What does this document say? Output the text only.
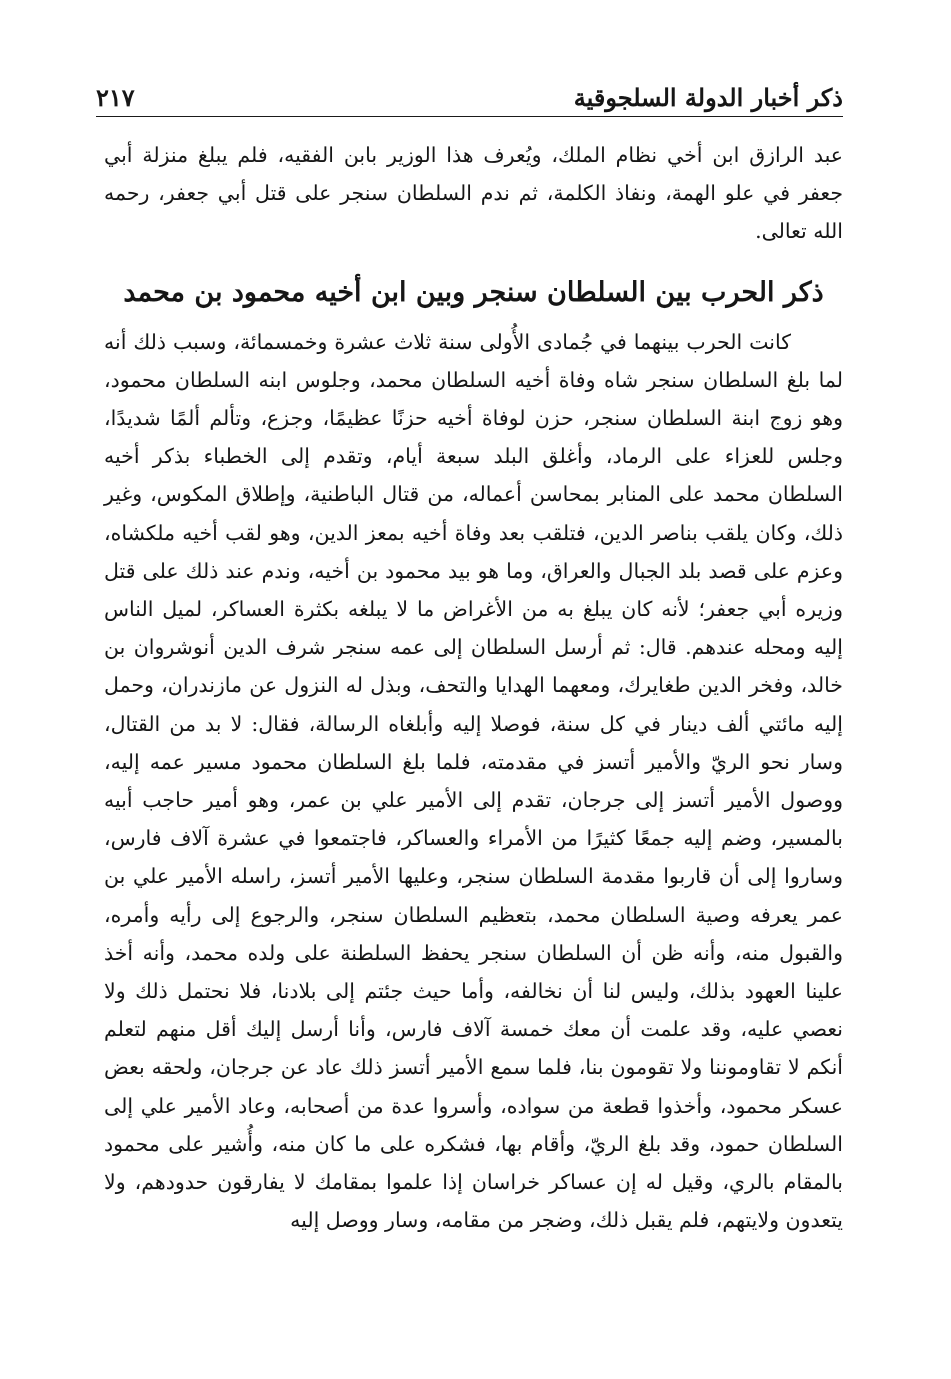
ذكر أخبار الدولة السلجوقية
٢١٧

عبد الرازق ابن أخي نظام الملك، ويُعرف هذا الوزير بابن الفقيه، فلم يبلغ منزلة أبي جعفر في علو الهمة، ونفاذ الكلمة، ثم ندم السلطان سنجر على قتل أبي جعفر، رحمه الله تعالى.

ذكر الحرب بين السلطان سنجر وبين ابن أخيه محمود بن محمد

كانت الحرب بينهما في جُمادى الأُولى سنة ثلاث عشرة وخمسمائة، وسبب ذلك أنه لما بلغ السلطان سنجر شاه وفاة أخيه السلطان محمد، وجلوس ابنه السلطان محمود، وهو زوج ابنة السلطان سنجر، حزن لوفاة أخيه حزنًا عظيمًا، وجزع، وتألم ألمًا شديدًا، وجلس للعزاء على الرماد، وأغلق البلد سبعة أيام، وتقدم إلى الخطباء بذكر أخيه السلطان محمد على المنابر بمحاسن أعماله، من قتال الباطنية، وإطلاق المكوس، وغير ذلك، وكان يلقب بناصر الدين، فتلقب بعد وفاة أخيه بمعز الدين، وهو لقب أخيه ملكشاه، وعزم على قصد بلد الجبال والعراق، وما هو بيد محمود بن أخيه، وندم عند ذلك على قتل وزيره أبي جعفر؛ لأنه كان يبلغ به من الأغراض ما لا يبلغه بكثرة العساكر، لميل الناس إليه ومحله عندهم. قال: ثم أرسل السلطان إلى عمه سنجر شرف الدين أنوشروان بن خالد، وفخر الدين طغايرك، ومعهما الهدايا والتحف، وبذل له النزول عن مازندران، وحمل إليه مائتي ألف دينار في كل سنة، فوصلا إليه وأبلغاه الرسالة، فقال: لا بد من القتال، وسار نحو الريّ والأمير أتسز في مقدمته، فلما بلغ السلطان محمود مسير عمه إليه، ووصول الأمير أتسز إلى جرجان، تقدم إلى الأمير علي بن عمر، وهو أمير حاجب أبيه بالمسير، وضم إليه جمعًا كثيرًا من الأمراء والعساكر، فاجتمعوا في عشرة آلاف فارس، وساروا إلى أن قاربوا مقدمة السلطان سنجر، وعليها الأمير أتسز، راسله الأمير علي بن عمر يعرفه وصية السلطان محمد، بتعظيم السلطان سنجر، والرجوع إلى رأيه وأمره، والقبول منه، وأنه ظن أن السلطان سنجر يحفظ السلطنة على ولده محمد، وأنه أخذ علينا العهود بذلك، وليس لنا أن نخالفه، وأما حيث جئتم إلى بلادنا، فلا نحتمل ذلك ولا نعصي عليه، وقد علمت أن معك خمسة آلاف فارس، وأنا أرسل إليك أقل منهم لتعلم أنكم لا تقاوموننا ولا تقومون بنا، فلما سمع الأمير أتسز ذلك عاد عن جرجان، ولحقه بعض عسكر محمود، وأخذوا قطعة من سواده، وأسروا عدة من أصحابه، وعاد الأمير علي إلى السلطان حمود، وقد بلغ الريّ، وأقام بها، فشكره على ما كان منه، وأُشير على محمود بالمقام بالري، وقيل له إن عساكر خراسان إذا علموا بمقامك لا يفارقون حدودهم، ولا يتعدون ولايتهم، فلم يقبل ذلك، وضجر من مقامه، وسار ووصل إليه
